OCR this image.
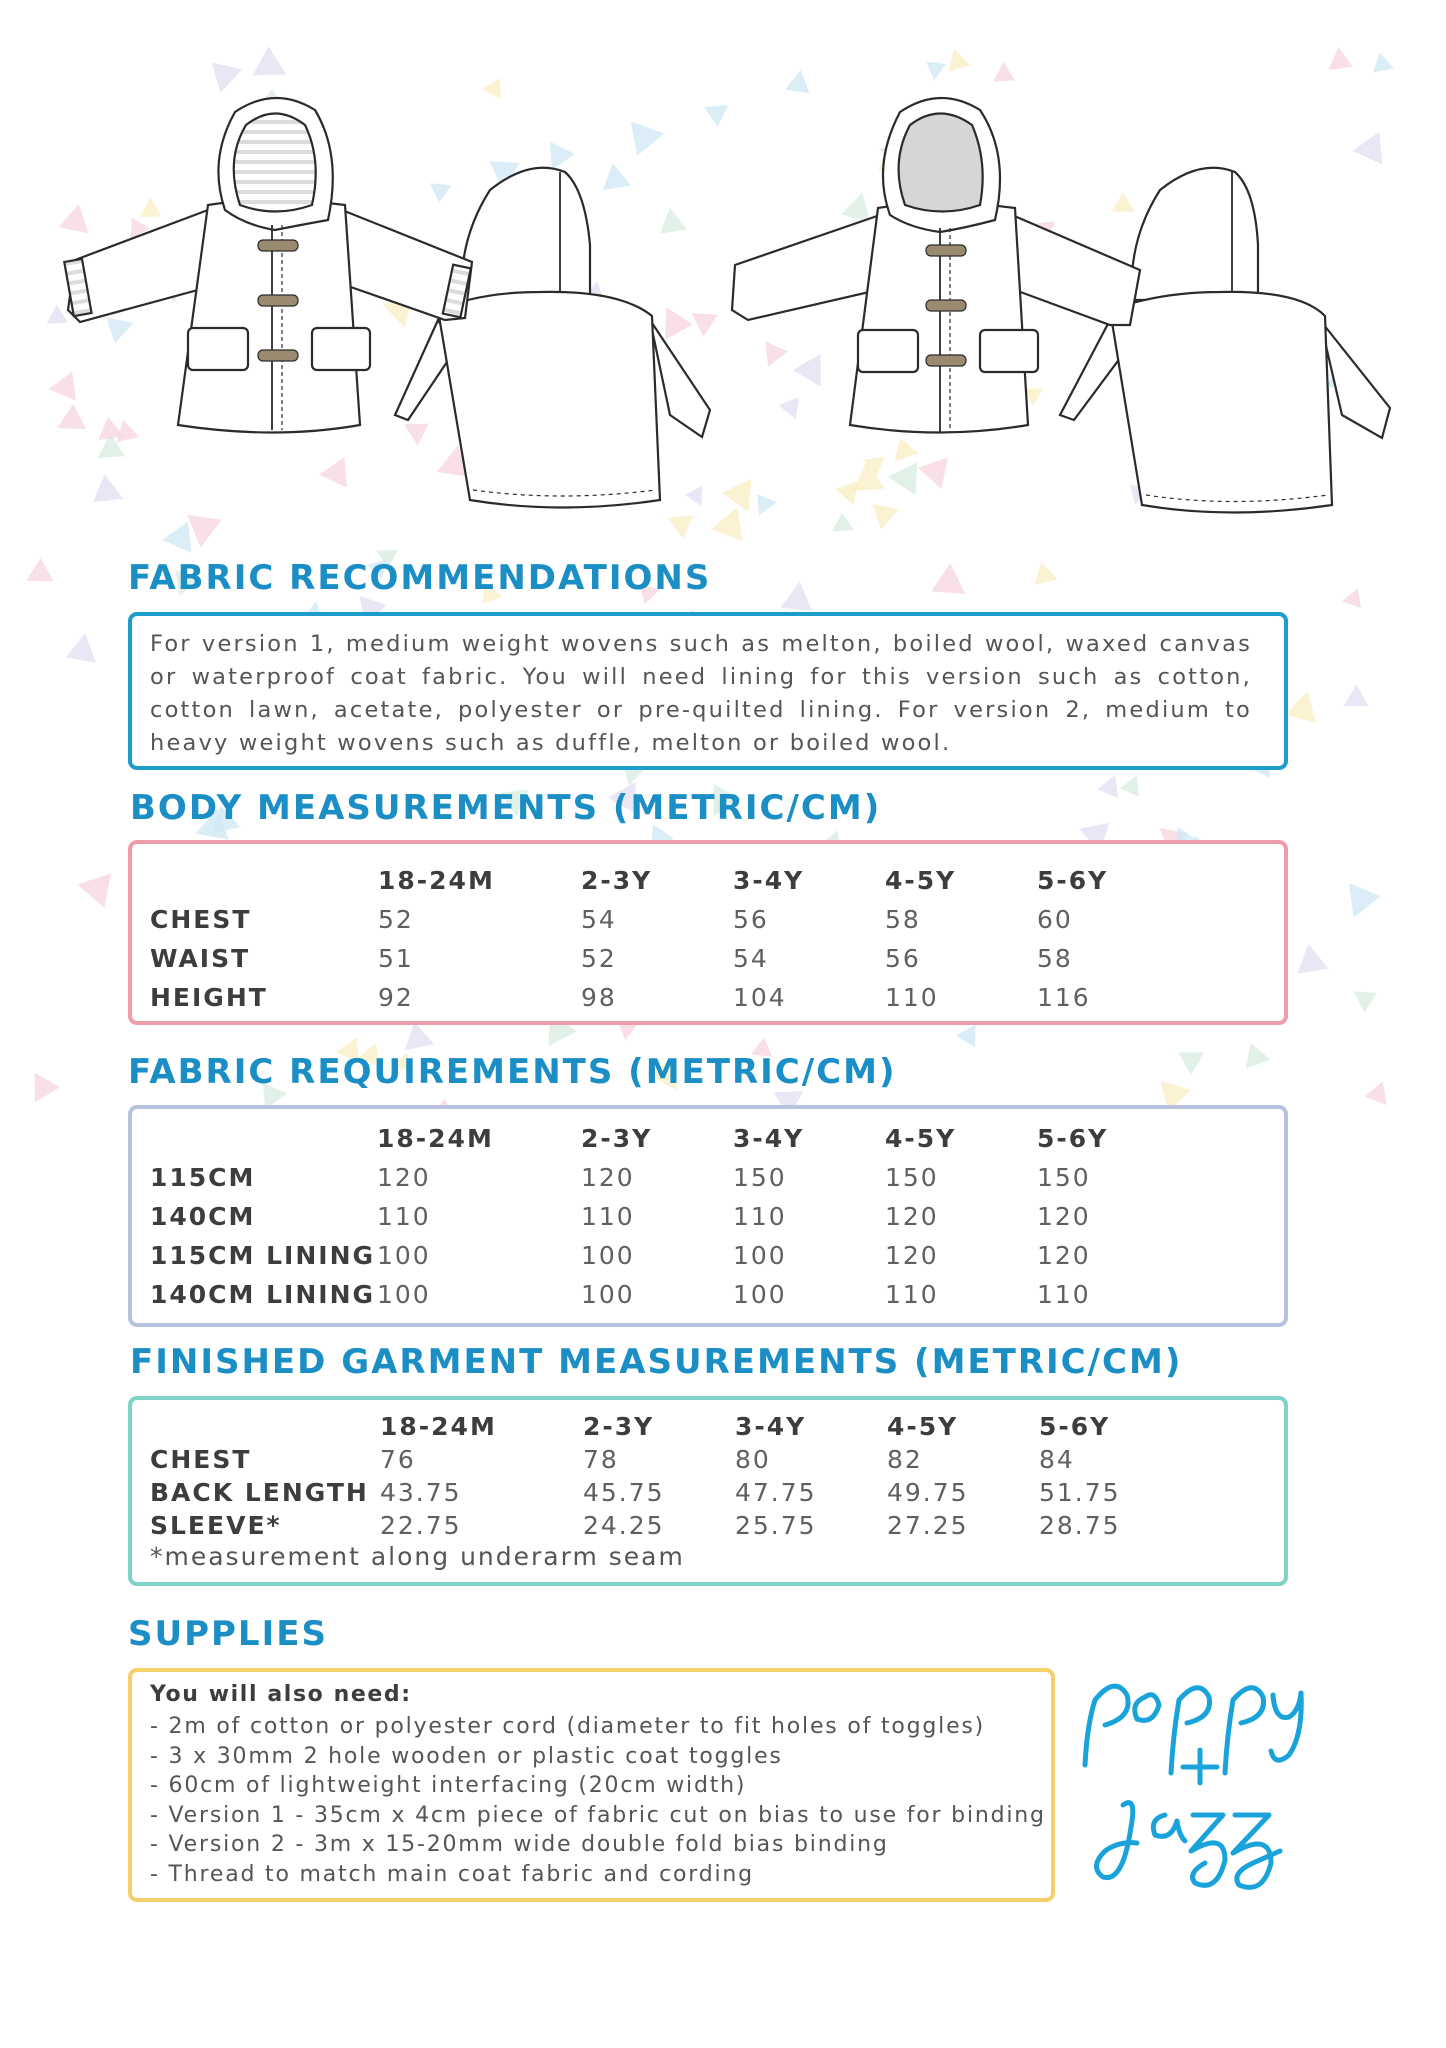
FABRIC RECOMMENDATIONS

For version 1, medium weight wovens such as melton, boiled wool, waxed canvas or waterproof coat fabric. You will need lining for this version such as cotton, cotton lawn, acetate, polyester or pre-quilted lining. For version 2, medium to heavy weight wovens such as duffle, melton or boiled wool.

BODY MEASUREMENTS (METRIC/CM)
	18-24M	2-3Y	3-4Y	4-5Y	5-6Y
CHEST	52	54	56	58	60
WAIST	51	52	54	56	58
HEIGHT	92	98	104	110	116
FABRIC REQUIREMENTS (METRIC/CM)
	18-24M	2-3Y	3-4Y	4-5Y	5-6Y
115CM	120	120	150	150	150
140CM	110	110	110	120	120
115CM LINING	100	100	100	120	120
140CM LINING	100	100	100	110	110
FINISHED GARMENT MEASUREMENTS (METRIC/CM)
	18-24M	2-3Y	3-4Y	4-5Y	5-6Y
CHEST	76	78	80	82	84
BACK LENGTH	43.75	45.75	47.75	49.75	51.75
SLEEVE*	22.75	24.25	25.75	27.25	28.75
*measurement along underarm seam
SUPPLIES
You will also need:
- 2m of cotton or polyester cord (diameter to fit holes of toggles)
- 3 x 30mm 2 hole wooden or plastic coat toggles
- 60cm of lightweight interfacing (20cm width)
- Version 1 - 35cm x 4cm piece of fabric cut on bias to use for binding
- Version 2 - 3m x 15-20mm wide double fold bias binding
- Thread to match main coat fabric and cording
